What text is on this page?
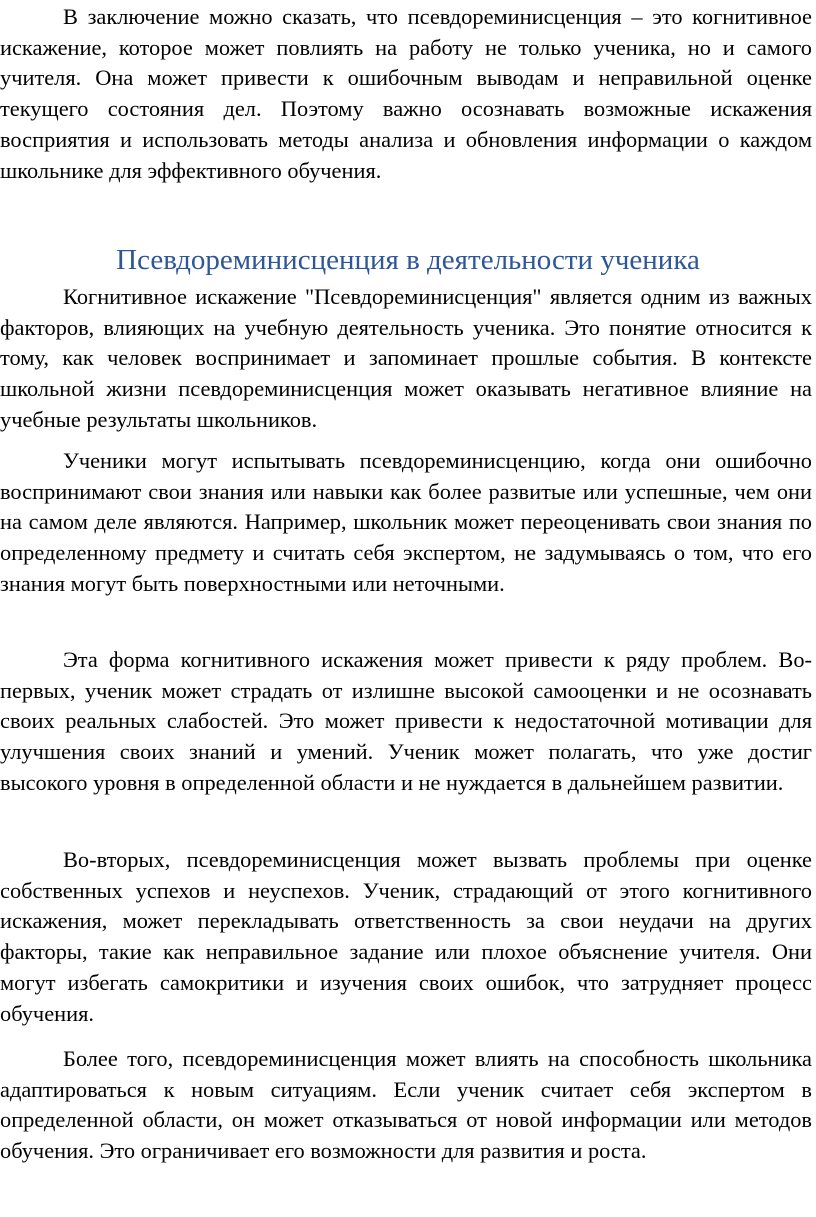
В заключение можно сказать, что псевдореминисценция – это когнитивное искажение, которое может повлиять на работу не только ученика, но и самого учителя. Она может привести к ошибочным выводам и неправильной оценке текущего состояния дел. Поэтому важно осознавать возможные искажения восприятия и использовать методы анализа и обновления информации о каждом школьнике для эффективного обучения.

Псевдореминисценция в деятельности ученика

Когнитивное искажение "Псевдореминисценция" является одним из важных факторов, влияющих на учебную деятельность ученика. Это понятие относится к тому, как человек воспринимает и запоминает прошлые события. В контексте школьной жизни псевдореминисценция может оказывать негативное влияние на учебные результаты школьников.

Ученики могут испытывать псевдореминисценцию, когда они ошибочно воспринимают свои знания или навыки как более развитые или успешные, чем они на самом деле являются. Например, школьник может переоценивать свои знания по определенному предмету и считать себя экспертом, не задумываясь о том, что его знания могут быть поверхностными или неточными.

Эта форма когнитивного искажения может привести к ряду проблем. Во-первых, ученик может страдать от излишне высокой самооценки и не осознавать своих реальных слабостей. Это может привести к недостаточной мотивации для улучшения своих знаний и умений. Ученик может полагать, что уже достиг высокого уровня в определенной области и не нуждается в дальнейшем развитии.

Во-вторых, псевдореминисценция может вызвать проблемы при оценке собственных успехов и неуспехов. Ученик, страдающий от этого когнитивного искажения, может перекладывать ответственность за свои неудачи на других факторы, такие как неправильное задание или плохое объяснение учителя. Они могут избегать самокритики и изучения своих ошибок, что затрудняет процесс обучения.

Более того, псевдореминисценция может влиять на способность школьника адаптироваться к новым ситуациям. Если ученик считает себя экспертом в определенной области, он может отказываться от новой информации или методов обучения. Это ограничивает его возможности для развития и роста.
